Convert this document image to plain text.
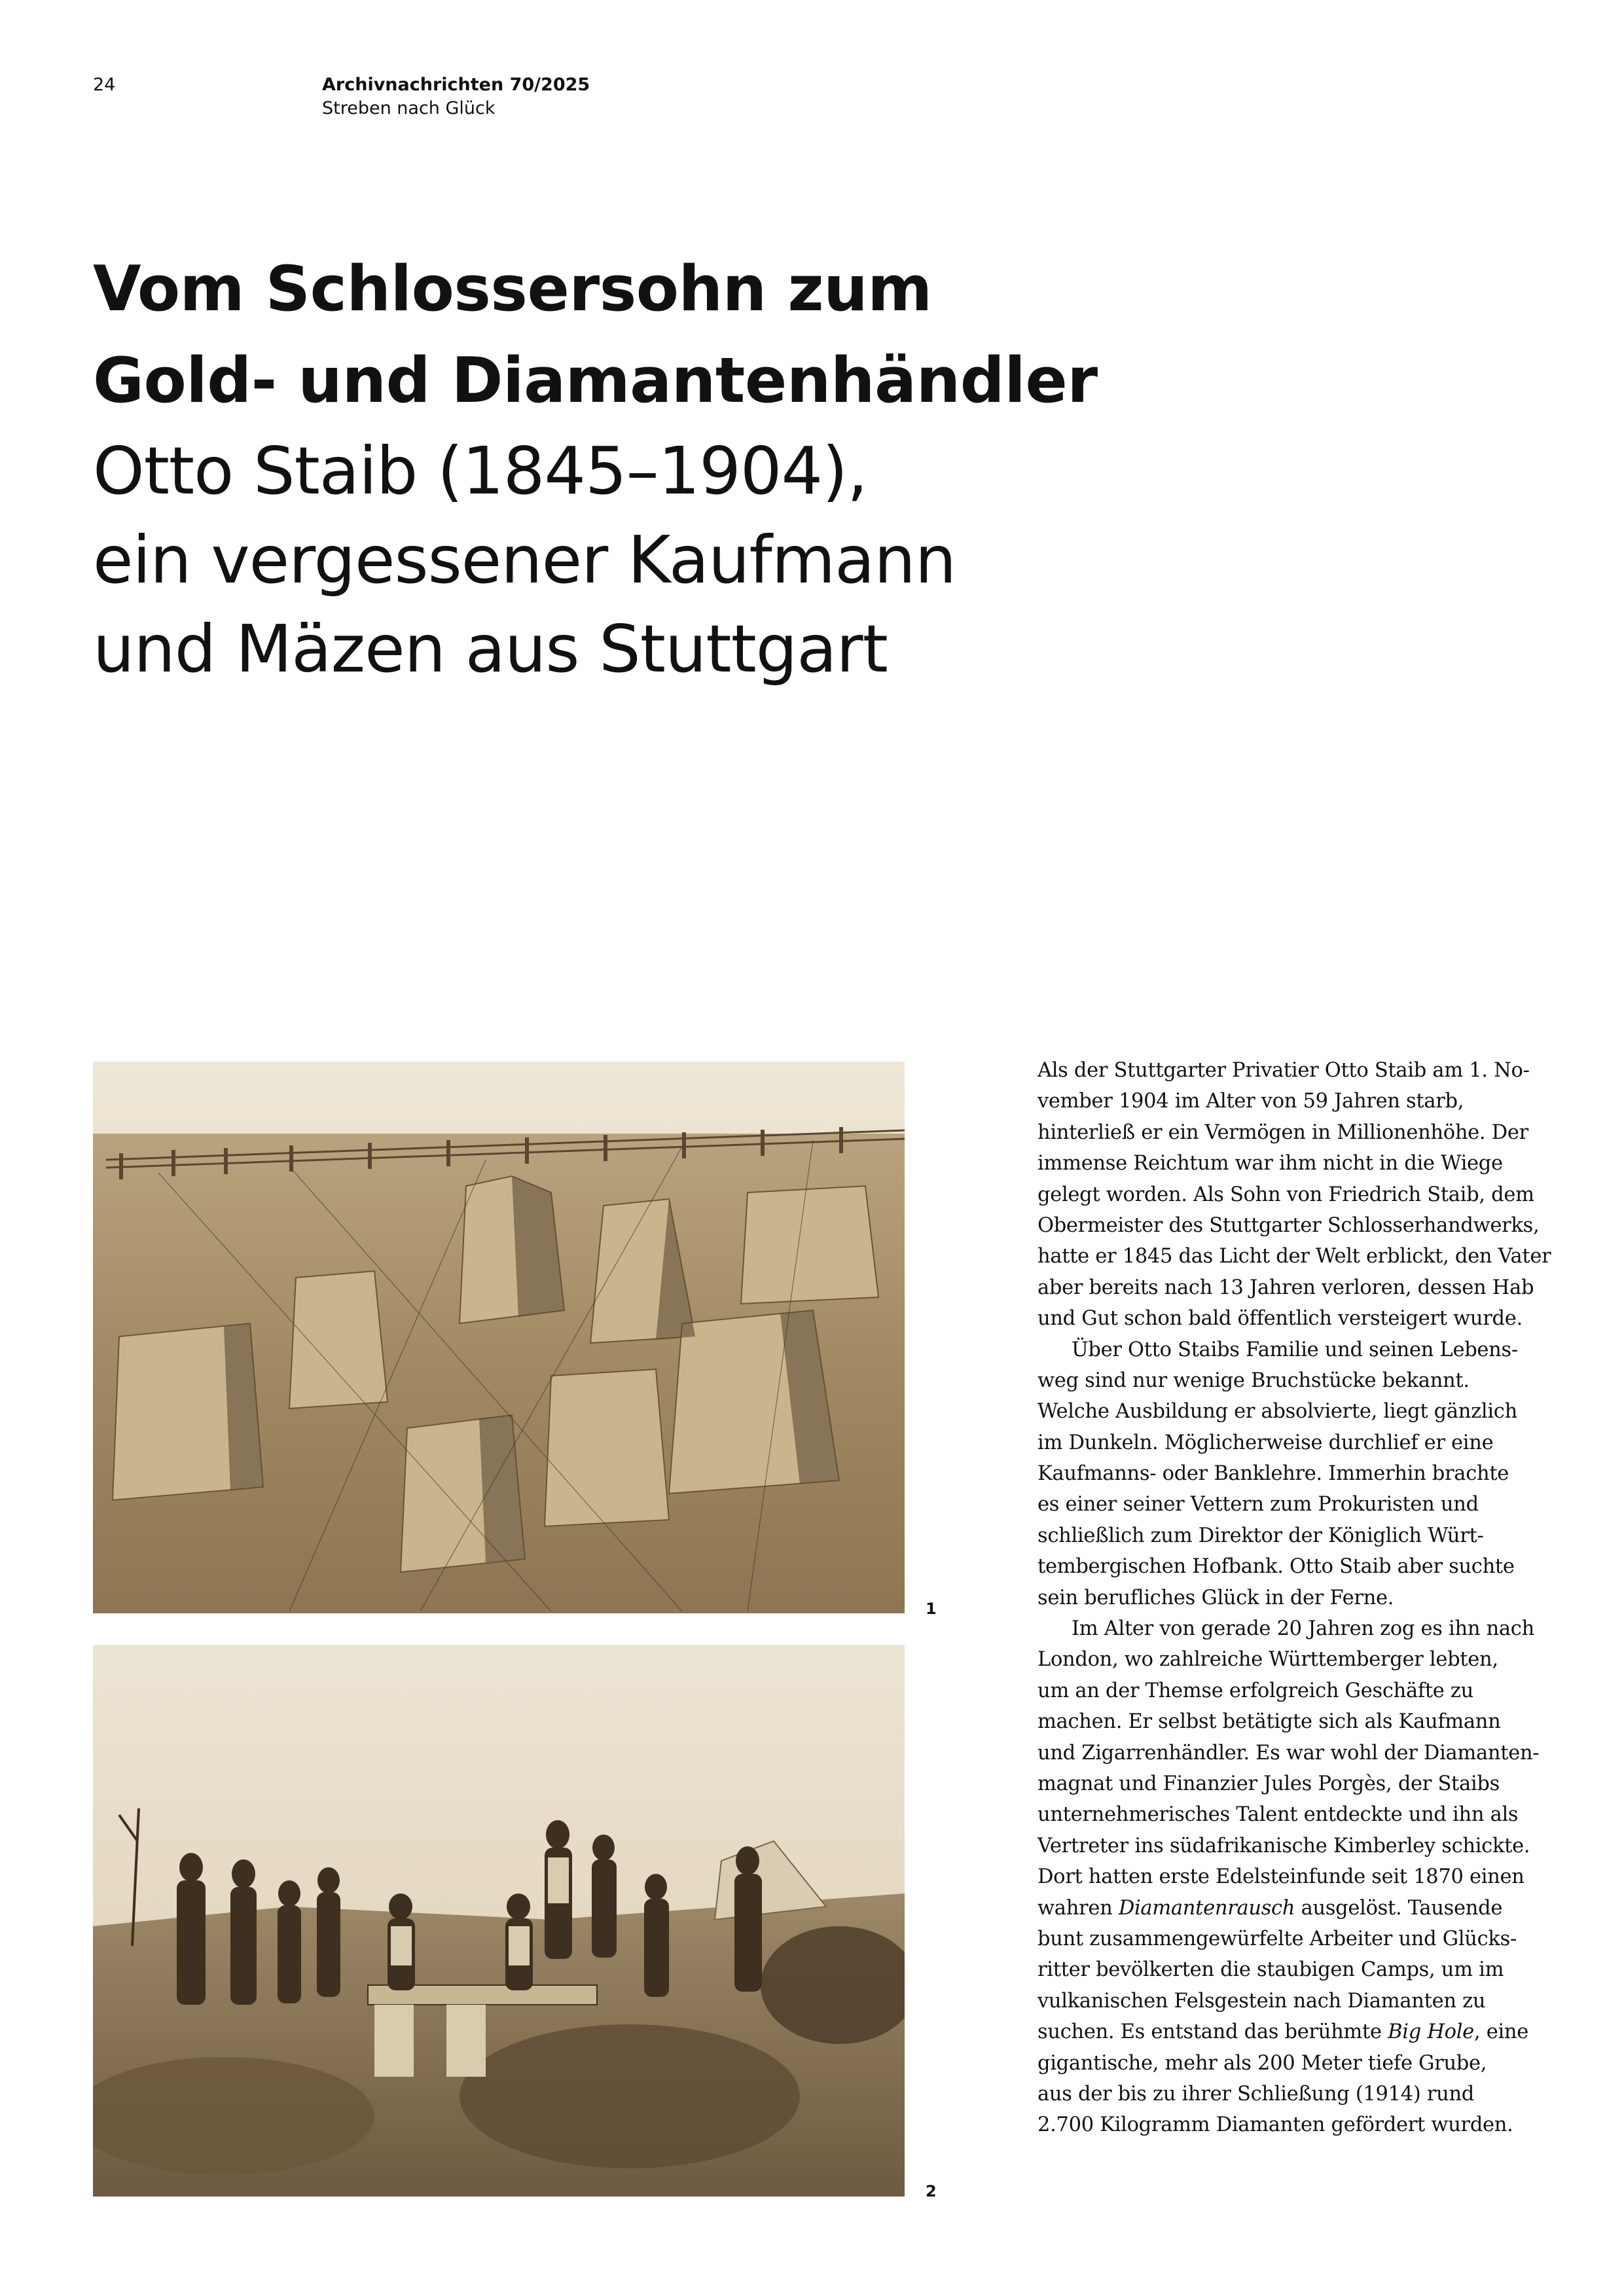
24	Archivnachrichten 70/2025
Streben nach Glück
Vom Schlossersohn zum
Gold- und Diamantenhändler
Otto Staib (1845–1904),
ein vergessener Kaufmann
und Mäzen aus Stuttgart
1
2
Als der Stuttgarter Privatier Otto Staib am 1. No-
vember 1904 im Alter von 59 Jahren starb,
hinterließ er ein Vermögen in Millionenhöhe. Der
immense Reichtum war ihm nicht in die Wiege
gelegt worden. Als Sohn von Friedrich Staib, dem
Obermeister des Stuttgarter Schlosserhandwerks,
hatte er 1845 das Licht der Welt erblickt, den Vater
aber bereits nach 13 Jahren verloren, dessen Hab
und Gut schon bald öffentlich versteigert wurde.
Über Otto Staibs Familie und seinen Lebens-
weg sind nur wenige Bruchstücke bekannt.
Welche Ausbildung er absolvierte, liegt gänzlich
im Dunkeln. Möglicherweise durchlief er eine
Kaufmanns- oder Banklehre. Immerhin brachte
es einer seiner Vettern zum Prokuristen und
schließlich zum Direktor der Königlich Würt-
tembergischen Hofbank. Otto Staib aber suchte
sein berufliches Glück in der Ferne.
Im Alter von gerade 20 Jahren zog es ihn nach
London, wo zahlreiche Württemberger lebten,
um an der Themse erfolgreich Geschäfte zu
machen. Er selbst betätigte sich als Kaufmann
und Zigarrenhändler. Es war wohl der Diamanten-
magnat und Finanzier Jules Porgès, der Staibs
unternehmerisches Talent entdeckte und ihn als
Vertreter ins südafrikanische Kimberley schickte.
Dort hatten erste Edelsteinfunde seit 1870 einen
wahren Diamantenrausch ausgelöst. Tausende
bunt zusammengewürfelte Arbeiter und Glücks-
ritter bevölkerten die staubigen Camps, um im
vulkanischen Felsgestein nach Diamanten zu
suchen. Es entstand das berühmte Big Hole, eine
gigantische, mehr als 200 Meter tiefe Grube,
aus der bis zu ihrer Schließung (1914) rund
2.700 Kilogramm Diamanten gefördert wurden.
